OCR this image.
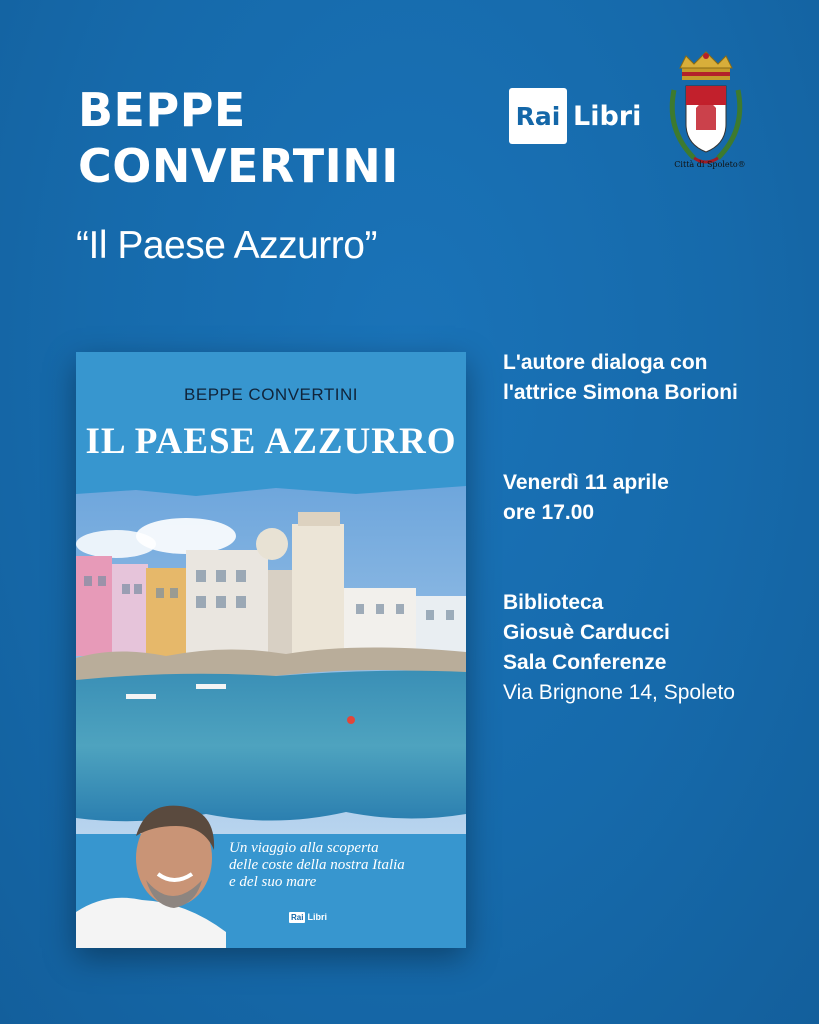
BEPPE
CONVERTINI
“Il Paese Azzurro”
Rai Libri
Città di Spoleto®
BEPPE CONVERTINI
IL PAESE AZZURRO
Un viaggio alla scoperta
delle coste della nostra Italia
e del suo mare
Rai Libri
L'autore dialoga con
l'attrice Simona Borioni
Venerdì 11 aprile
ore 17.00
Biblioteca
Giosuè Carducci
Sala Conferenze
Via Brignone 14, Spoleto
